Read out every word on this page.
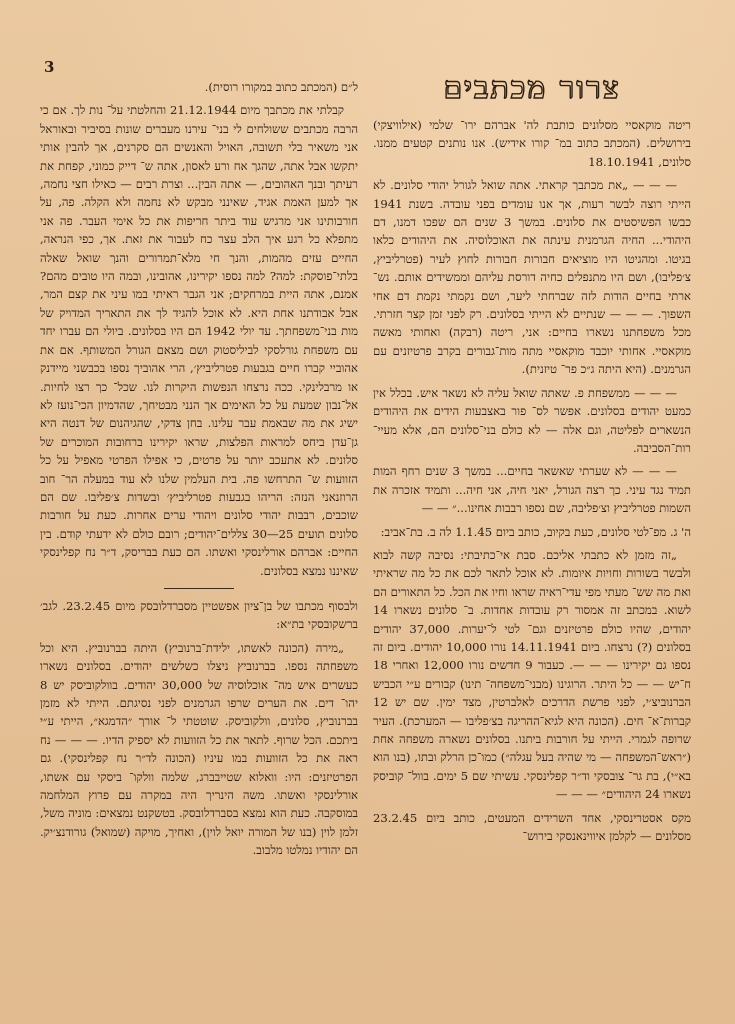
3
צרור מכתבים

ריטה מוקאסיי מסלונים כותבת לה' אברהם ירו־ שלמי (אילוויצקי) בירושלים. (המכתב כתוב במ־ קורו אידיש). אנו נותנים קטעים ממנו. סלונים, 18.10.1941

— — — „את מכתבך קראתי. אתה שואל לגורל יהודי סלונים. לא הייתי רוצה לבשר רעות, אך אנו עומדים בפני עובדה. בשנת 1941 כבשו הפשיסטים את סלונים. במשך 3 שנים הם שפכו דמנו, דם היהודי... החיה הגרמנית עינתה את האוכלוסיה. את היהודים כלאו בגיטו. ומהגיטו היו מוציאים חבורות חבורות לחוץ לעיר (פטרליביץ, צ׳פליבו), ושם היו מתנפלים כחיה דורסת עליהם וממשידים אותם. נש־ ארתי בחיים הודות לזה שברחתי ליער, ושם נקמתי נקמת דם אחי השפוך. — — — שנתיים לא הייתי בסלונים. רק לפני זמן קצר חזרתי. מכל משפחתנו נשארו בחיים: אני, ריטה (רבקה) ואחותי מאשה מוקאסיי. אחותי יוכבד מוקאסיי מתה מות־גבורים בקרב פרטיזנים עם הגרמנים. (היא היתה ג״כ פר־ טיזנית).

— — — ממשפחת פ. שאתה שואל עליה לא נשאר איש. בכלל אין כמעט יהודים בסלונים. אפשר לס־ פור באצבעות הידים את היהודים הנשארים לפליטה, וגם אלה — לא כולם בני־סלונים הם, אלא מעיי־ רות־הסביבה.

— — — לא שערתי שאשאר בחיים... במשך 3 שנים רחף המות תמיד נגד עיני. כך רצה הגורל, יאני חיה, אני חיה... ותמיד אזכרה את השמות פטרליביץ וצ׳פליבה, שם נספו רבבות אחינו...״ — —

ה' ג. מפ־לטי סלונים, כעת בקיוב, כותב ביום 1.1.45 לה ב. בת־אביב:

„זה מזמן לא כתבתי אליכם. סבת אי־כתיבתי: נסיבה קשה לבוא ולבשר בשורות וחויות איומות. לא אוכל לתאר לכם את כל מה שראיתי ואת מה שש־ מעתי מפי עדי־ראיה שראו וחיו את הכל. כל התאורים הם לשוא. במכתב זה אמסור רק עובדות אחדות. ב־ סלונים נשארו 14 יהודים, שהיו כולם פרטיזנים וגם־ לטי ל־יערות. 37,000 יהודים בסלונים (?) נרצחו. ביום 14.11.1941 נורו 10,000 יהודים. ביום זה נספו גם יקירינו — — —. כעבור 9 חדשים נורו 12,000 ואחרי 18 ח־יש — — כל היתר. הרוגינו (מבני־משפחה־ תינו) קבורים ע״י הכביש הברנוביצ׳י, לפני פרשת הדרכים לאלברטין, מצד ימין. שם יש 12 קברות־א־ חים. (הכונה היא לגיא־ההריגה בצ׳פליבו — המערכת). העיר שרופה לגמרי. הייתי על חורבות ביתנו. בסלונים נשארה משפחה אחת (״ראש־המשפחה — מי שהיה בעל עגלה״) כמו־כן הרלק ובתו, (בנו הוא בא״י), בת גר־ צובסקי וד״ר קפלינסקי. עשיתי שם 5 ימים. בוול־ קוביסק נשארו 24 היהודים״ — — —

מקס אסטרינסקי, אחד השרידים המעטים, כותב ביום 23.2.45 מסלונים — לקלמן איווינאנסקי בירוש־

ל״ם (המכתב כתוב במקורו רוסית).

קבלתי את מכתבך מיום 21.12.1944 והחלטתי על־ נות לך. אם כי הרבה מכתבים ששולחים לי בני־ עירנו מעברים שונות בסיביר ובאוראל אני משאיר בלי תשובה, האויל והאנשים הם סקרנים, אך להבין אותי יתקשו אבל אתה, שהגך אח ורע לאסון, אתה ש־ דייק כמוני, קפחת את רעיתך ובנך האהובים, — אתה הבין... וצרת רבים — כאילו חצי נחמה, אך למען האמת אגיד, שאינני מבקש לא נחמה ולא הקלה. פה, על חורבותינו אני מרגיש עוד ביתר חריפות את כל אימי העבר. פה אני מתפלא כל רגע איך הלב עצר כח לעבור את זאת. אך, כפי הנראה, החיים עזים מהמות, והנך חי מלא־תמרורים והנך שואל שאלה בלתי־פוסקת: למה? למה נספו יקירינו, אהובינו, ובמה היו טובים מהם? אמנם, אתה היית במרחקים; אני הגבר ראיתי במו עיני את קצם המר, אבל אבודתנו אחת היא. לא אוכל להגיד לך את התאריך המדויק של מות בני־משפחתך. עד יולי 1942 הם היו בסלונים. ביולי הם עברו יחד עם משפחת גורלסקי לביליסטוק ושם מצאם הגורל המשותף. אם את אהוביי קברו חיים בגבעות פטרליביץ׳, הרי אהוביך נספו בכבשני מיידנק או מרבלינקי. ככה נרצחו הנפשות היקרות לנו. שכל־ כך רצו לחיות. אל־נבון שמעת על כל האימים אך הנני מבטיחך, שהדמיון הכי־נועז לא ישיג את מה שבאמת עבר עלינו. בחן צדקי, שהגיהנום של דנטה היא גן־עדן ביחס למראות הפלצות, שראו יקירינו ברחובות המוכרים של סלונים. לא אתעכב יותר על פרטים, כי אפילו הפרטי מאפיל על כל הזוועות ש־ התרחשו פה. בית העלמין שלנו לא עוד במעלה הר־ חוב הרוזנאני הנזה: הריהו בגבעות פטרליביץ׳ ובשדות צ׳פליבו. שם הם שוכבים, רבבות יהודי סלונים ויהודי ערים אחרות. כעת על חורבות סלונים תועים 25—30 צללים־יהודים; רובם כולם לא ידעתי קודם. בין החיים: אברהם אורלינסקי ואשתו. הם כעת בבריסק, ד״ר נח קפלינסקי שאיננו נמצא בסלונים.

ולבסוף מכתבו של בן־ציון אפשטיין מסברדלובסק מיום 23.2.45. לגב׳ ברשקובסקי בת״א:

„מירה (הכונה לאשתו, ילידת־ברנוביץ) היתה בברנוביץ. היא וכל משפחתה נספו. בברנוביץ ניצלו כשלשים יהודים. בסלונים נשארו כעשרים איש מה־ אוכלוסיה של 30,000 יהודים. בוולקוביסק יש 8 יהו־ דים. את הערים שרפו הגרמנים לפני נסיגתם. הייתי לא מזמן בברנוביץ, סלונים, וולקוביסק. שוטטתי ל־ אורך ״הדמגא״, הייתי ע״י ביתכם. הכל שרוף. לתאר את כל הזוועות לא יספיק הדיו. — — — נח ראה את כל הזוועות במו עיניו (הכונה לד״ר נח קפלינסקי). גם הפרטיזנים: היו: וואלוא שטייבברג, שלמה וולקו־ ביסקי עם אשתו, אורלינסקי ואשתו. משה הינריך היה במקרה עם פרוץ המלחמה במוסקבה. כעת הוא נמצא בסברדלובסק. בטשקנט נמצאים: מוניה משל, זלמן לוין (בנו של המורה יואל לוין), ואחיך, מויקה (שמואל) גורודנצ׳יק. הם יהודיו נמלטו מלבוב.
